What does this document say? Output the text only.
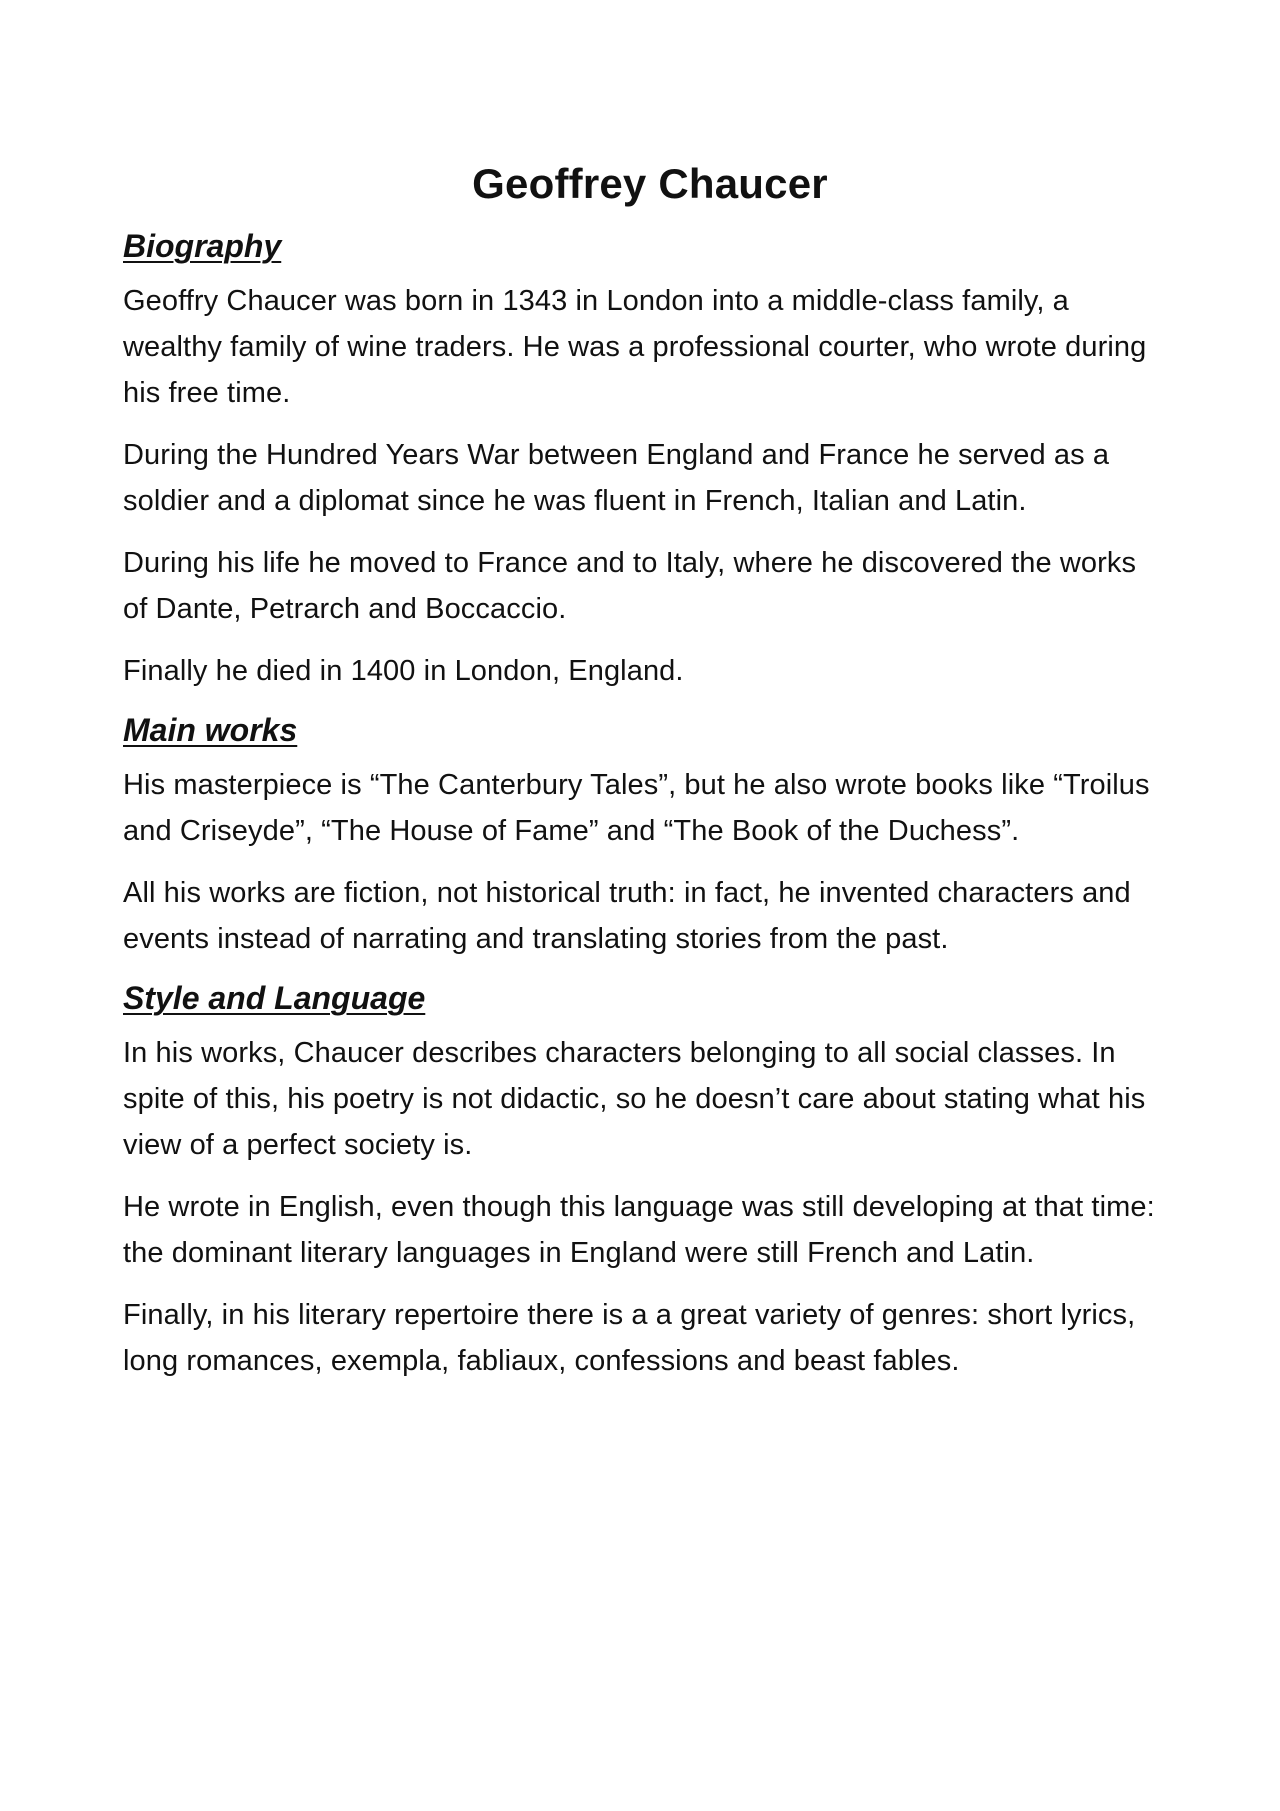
Geoffrey Chaucer
Biography

Geoffry Chaucer was born in 1343 in London into a middle-class family, a wealthy family of wine traders. He was a professional courter, who wrote during his free time.

During the Hundred Years War between England and France he served as a soldier and a diplomat since he was fluent in French, Italian and Latin.

During his life he moved to France and to Italy, where he discovered the works of Dante, Petrarch and Boccaccio.

Finally he died in 1400 in London, England.

Main works

His masterpiece is “The Canterbury Tales”, but he also wrote books like “Troilus and Criseyde”, “The House of Fame” and “The Book of the Duchess”.

All his works are fiction, not historical truth: in fact, he invented characters and events instead of narrating and translating stories from the past.

Style and Language

In his works, Chaucer describes characters belonging to all social classes. In spite of this, his poetry is not didactic, so he doesn’t care about stating what his view of a perfect society is.

He wrote in English, even though this language was still developing at that time: the dominant literary languages in England were still French and Latin.

Finally, in his literary repertoire there is a a great variety of genres: short lyrics, long romances, exempla, fabliaux, confessions and beast fables.
